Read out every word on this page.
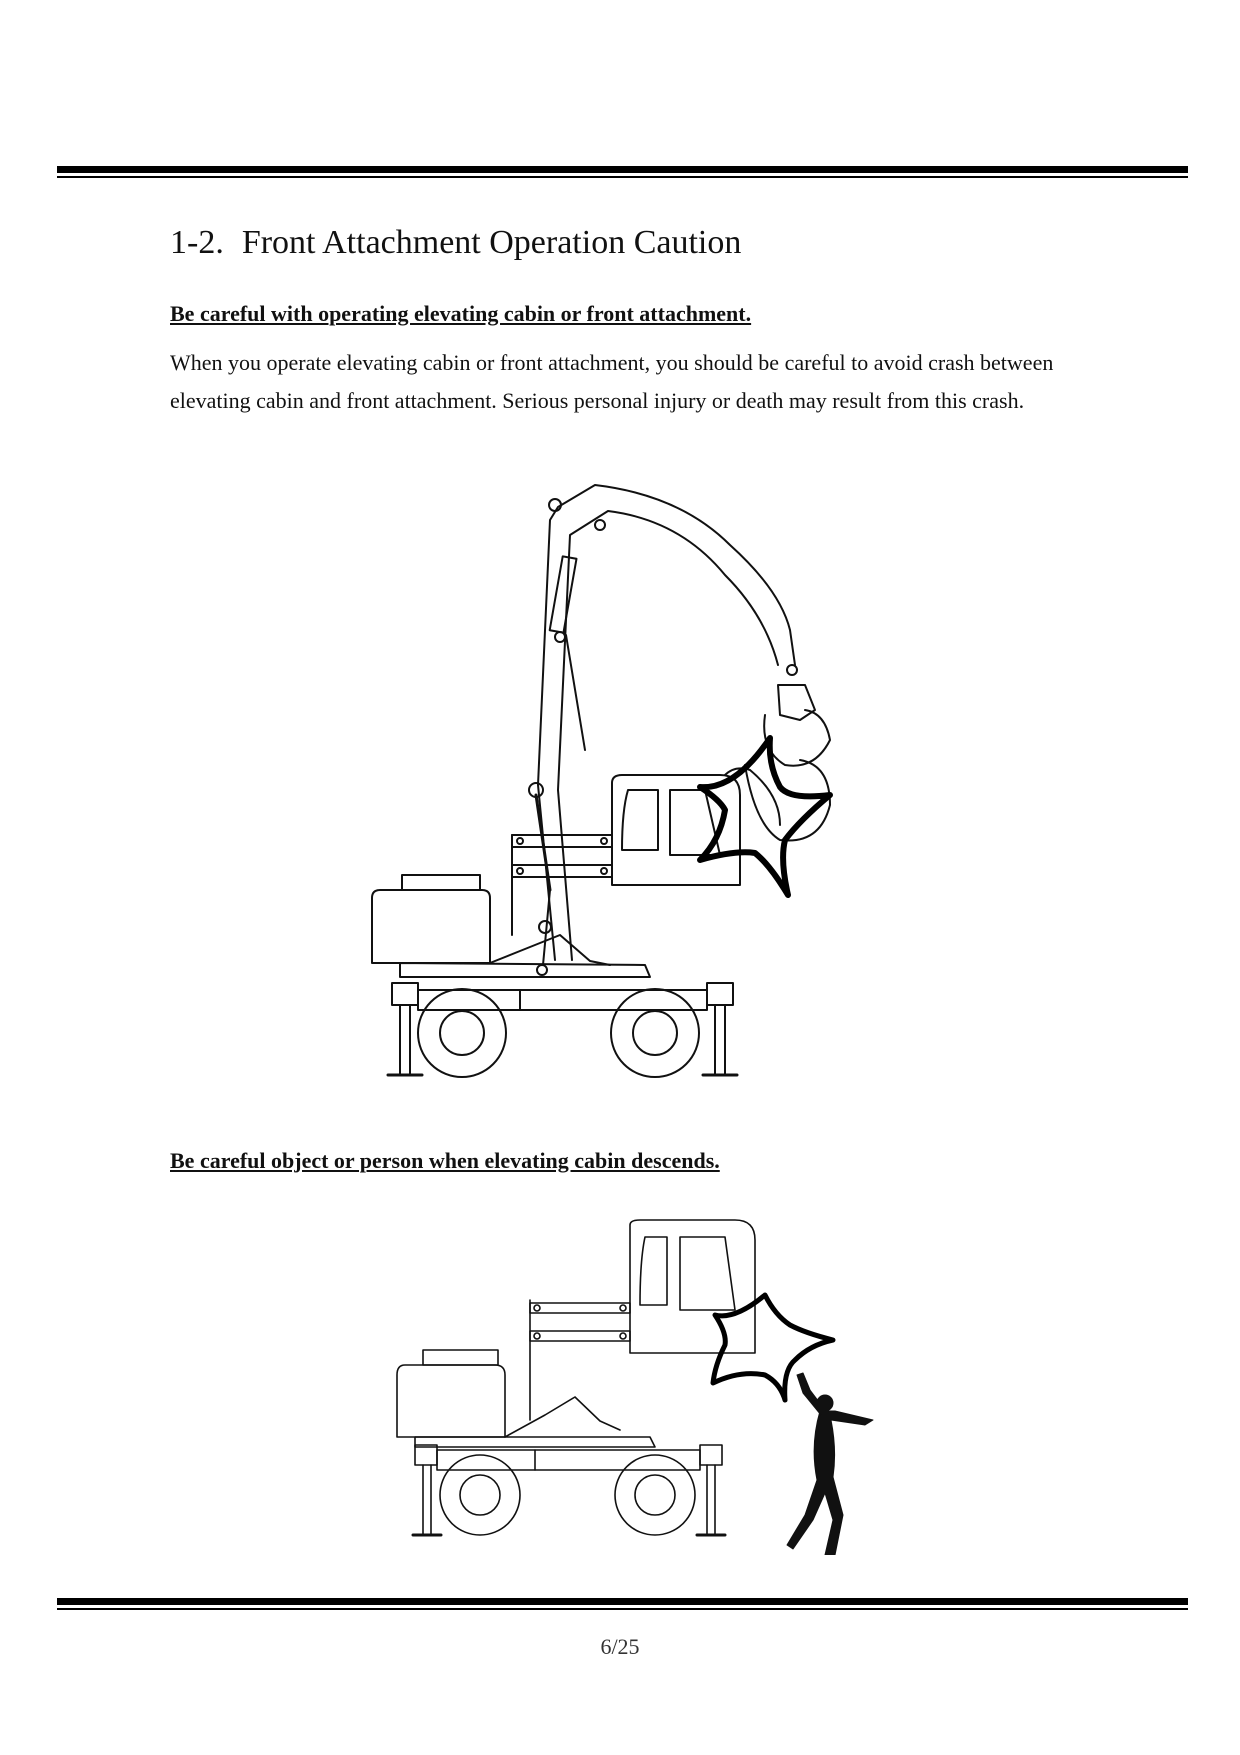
1-2. Front Attachment Operation Caution
Be careful with operating elevating cabin or front attachment.

When you operate elevating cabin or front attachment, you should be careful to avoid crash between elevating cabin and front attachment. Serious personal injury or death may result from this crash.

Be careful object or person when elevating cabin descends.
6/25
